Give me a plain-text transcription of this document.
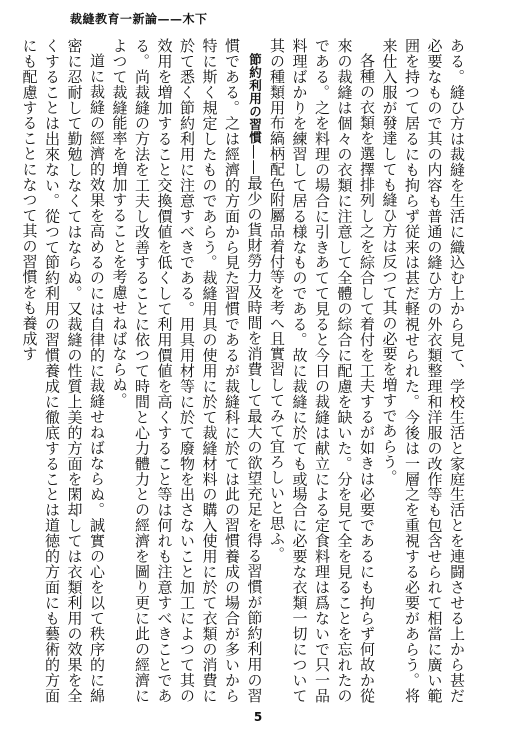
裁縫教育一新論——木下

ある。縫ひ方は裁縫を生活に織込む上から見て、学校生活と家庭生活とを連闘させる上から甚だ必要なもので其の内容も普通の縫ひ方の外衣類整理和洋服の改作等も包含せられて相當に廣い範囲を持つて居るにも拘らず従来は甚だ軽視せられた。今後は一層之を重視する必要があらう。将来仕入服が發達しても縫ひ方は反つて其の必要を増すであらう。

各種の衣類を選擇排列し之を綜合して着付を工夫するが如きは必要であるにも拘らず何故か從來の裁縫は個々の衣類に注意して全體の綜合に配慮を缺いた。分を見て全を見ることを忘れたのである。之を料理の場合に引きあてて見ると今日の裁縫は献立による定食料理は爲ないで只一品料理ばかりを練習して居る様なものである。故に裁縫に於ても或場合に必要な衣類一切について其の種類用布縞柄配色附屬品着付等を考へ且實習してみて宜ろしいと思ふ。

節約利用の習慣——最少の貨財勞力及時間を消費して最大の欲望充足を得る習慣が節約利用の習慣である。之は經濟的方面から見た習慣であるが裁縫科に於ては此の習慣養成の場合が多いから特に斯く規定したものであらう。裁縫用具の使用に於て裁縫材料の購入使用に於て衣類の消費に於て悉く節約利用に注意すべきである。用具用材等に於て廢物を出さないこと加工によつて其の效用を増加すること交換價値を低くして利用價値を高くすること等は何れも注意すべきことである。尚裁縫の方法を工夫し改善することに依つて時間と心力體力との經濟を圖り更に此の經濟によつて裁縫能率を増加することを考慮せねばならぬ。

道に裁縫の經濟的效果を高めるのには自律的に裁縫せねばならぬ。誠實の心を以て秩序的に綿密に忍耐して勤勉しなくてはならぬ。又裁縫の性質上美的方面を閑却しては衣類利用の效果を全くすることは出來ない。從つて節約利用の習慣養成に徹底することは道徳的方面にも藝術的方面にも配慮することになつて其の習慣をも養成す

5
